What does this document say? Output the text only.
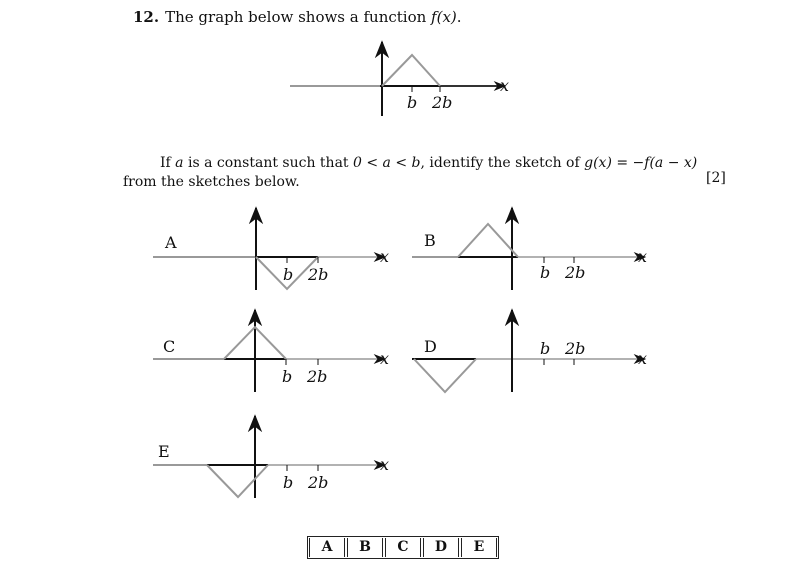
12. The graph below shows a function f(x).
If a is a constant such that 0 < a < b, identify the sketch of g(x) = −f(a − x)
from the sketches below.	[2]
x
b 2b
A
x
b 2b
B
x
b 2b
C
x
b 2b
D
x
b 2b
E
x
b 2b
A	B	C	D	E
